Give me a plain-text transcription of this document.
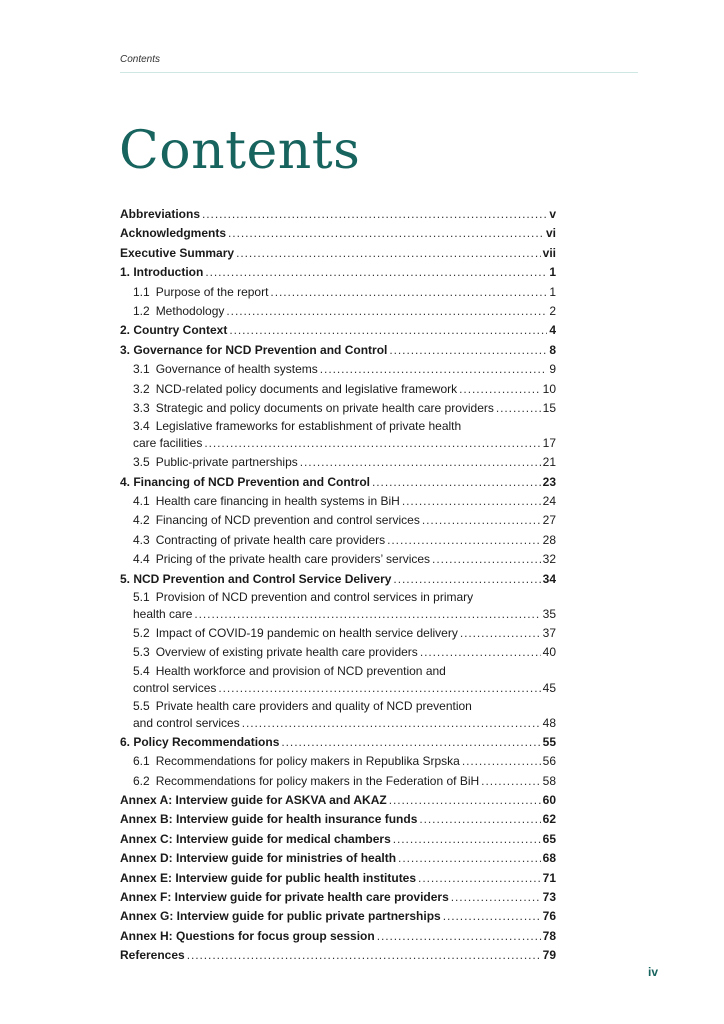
Contents
Contents
Abbreviations . . .	v
Acknowledgments . . .	vi
Executive Summary . . .	vii
1. Introduction . . .	1
1.1 Purpose of the report . . .	1
1.2 Methodology . . .	2
2. Country Context . . .	4
3. Governance for NCD Prevention and Control . . .	8
3.1 Governance of health systems . . .	9
3.2 NCD-related policy documents and legislative framework . . .	10
3.3 Strategic and policy documents on private health care providers . . .	15
3.4 Legislative frameworks for establishment of private health
care facilities . . .	17
3.5 Public-private partnerships . . .	21
4. Financing of NCD Prevention and Control . . .	23
4.1 Health care financing in health systems in BiH . . .	24
4.2 Financing of NCD prevention and control services . . .	27
4.3 Contracting of private health care providers . . .	28
4.4 Pricing of the private health care providers’ services . . .	32
5. NCD Prevention and Control Service Delivery . . .	34
5.1 Provision of NCD prevention and control services in primary
health care . . .	35
5.2 Impact of COVID-19 pandemic on health service delivery . . .	37
5.3 Overview of existing private health care providers . . .	40
5.4 Health workforce and provision of NCD prevention and
control services . . .	45
5.5 Private health care providers and quality of NCD prevention
and control services . . .	48
6. Policy Recommendations . . .	55
6.1 Recommendations for policy makers in Republika Srpska . . .	56
6.2 Recommendations for policy makers in the Federation of BiH . . .	58
Annex A: Interview guide for ASKVA and AKAZ . . .	60
Annex B: Interview guide for health insurance funds . . .	62
Annex C: Interview guide for medical chambers . . .	65
Annex D: Interview guide for ministries of health . . .	68
Annex E: Interview guide for public health institutes . . .	71
Annex F: Interview guide for private health care providers . . .	73
Annex G: Interview guide for public private partnerships . . .	76
Annex H: Questions for focus group session . . .	78
References . . .	79
iv
